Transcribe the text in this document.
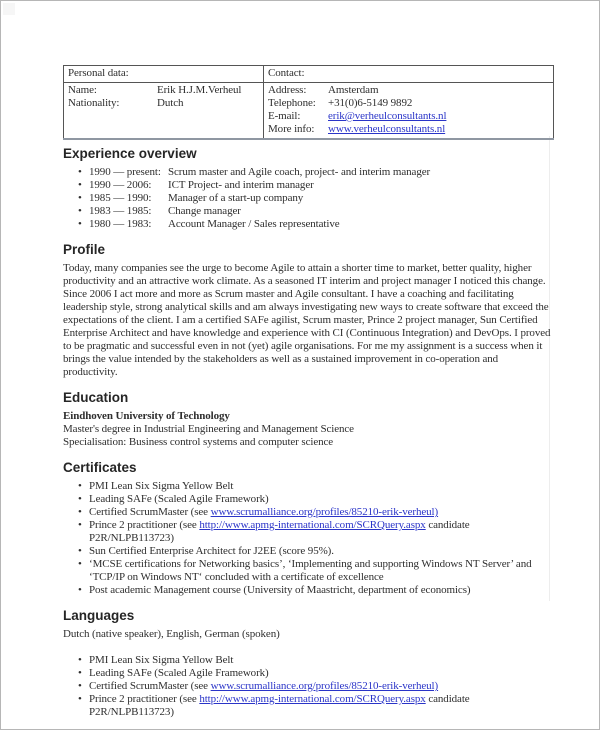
Personal data:	Contact:

Name:	Erik H.J.M.Verheul
Nationality:	Dutch

Address:	Amsterdam
Telephone:	+31(0)6-5149 9892
E-mail:	erik@verheulconsultants.nl
More info:	www.verheulconsultants.nl
Experience overview
• 1990 — present: Scrum master and Agile coach, project- and interim manager
• 1990 — 2006: ICT Project- and interim manager
• 1985 — 1990: Manager of a start-up company
• 1983 — 1985: Change manager
• 1980 — 1983: Account Manager / Sales representative
Profile

Today, many companies see the urge to become Agile to attain a shorter time to market, better quality, higher productivity and an attractive work climate. As a seasoned IT interim and project manager I noticed this change. Since 2006 I act more and more as Scrum master and Agile consultant. I have a coaching and facilitating leadership style, strong analytical skills and am always investigating new ways to create software that exceed the expectations of the client. I am a certified SAFe agilist, Scrum master, Prince 2 project manager, Sun Certified Enterprise Architect and have knowledge and experience with CI (Continuous Integration) and DevOps. I proved to be pragmatic and successful even in not (yet) agile organisations. For me my assignment is a success when it brings the value intended by the stakeholders as well as a sustained improvement in co-operation and productivity.

Education

Eindhoven University of Technology
Master's degree in Industrial Engineering and Management Science
Specialisation: Business control systems and computer science

Certificates
• PMI Lean Six Sigma Yellow Belt
• Leading SAFe (Scaled Agile Framework)
• Certified ScrumMaster (see www.scrumalliance.org/profiles/85210-erik-verheul)
• Prince 2 practitioner (see http://www.apmg-international.com/SCRQuery.aspx candidate P2R/NLPB113723)
• Sun Certified Enterprise Architect for J2EE (score 95%).
• ‘MCSE certifications for Networking basics’, ‘Implementing and supporting Windows NT Server’ and ‘TCP/IP on Windows NT‘ concluded with a certificate of excellence
• Post academic Management course (University of Maastricht, department of economics)
Languages

Dutch (native speaker), English, German (spoken)

• PMI Lean Six Sigma Yellow Belt
• Leading SAFe (Scaled Agile Framework)
• Certified ScrumMaster (see www.scrumalliance.org/profiles/85210-erik-verheul)
• Prince 2 practitioner (see http://www.apmg-international.com/SCRQuery.aspx candidate P2R/NLPB113723)
